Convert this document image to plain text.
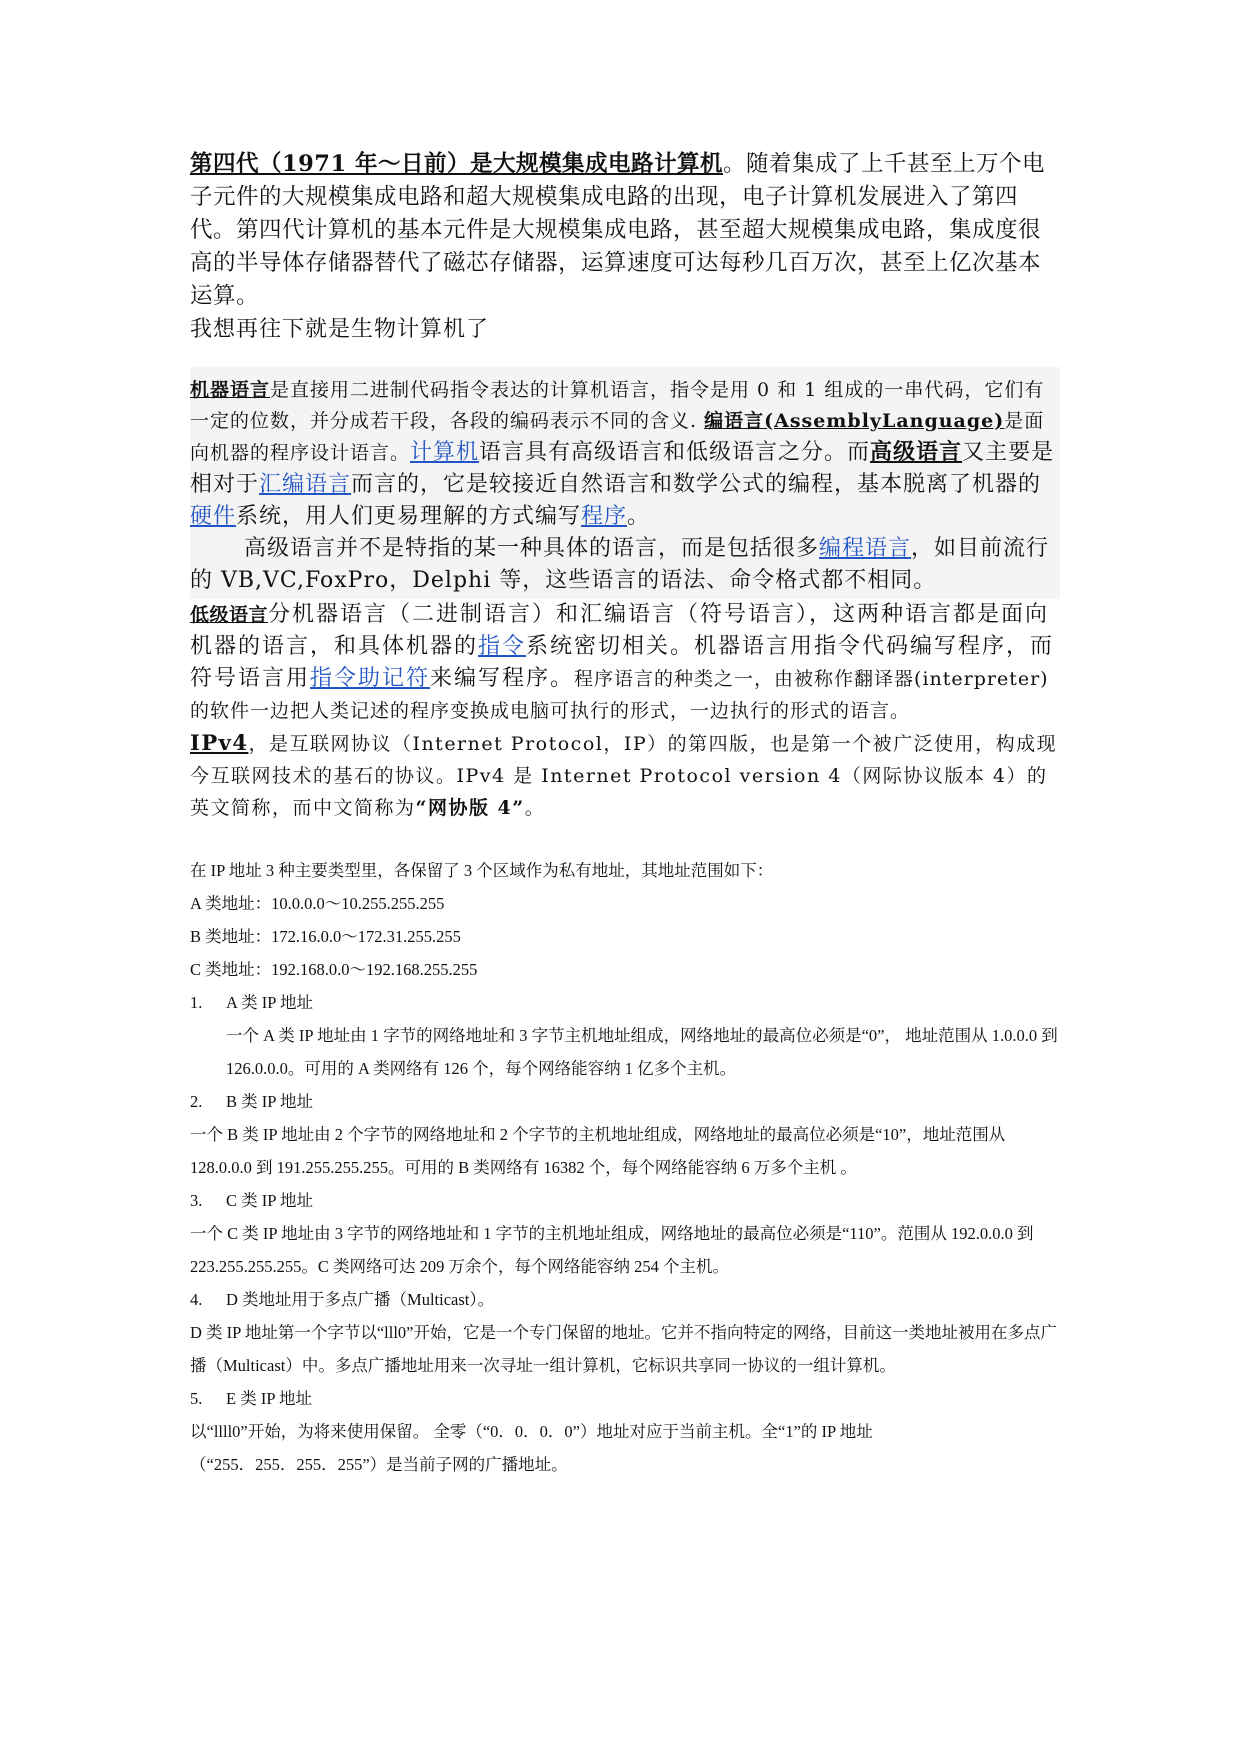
第四代（1971 年～日前）是大规模集成电路计算机。随着集成了上千甚至上万个电子元件的大规模集成电路和超大规模集成电路的出现，电子计算机发展进入了第四代。第四代计算机的基本元件是大规模集成电路，甚至超大规模集成电路，集成度很高的半导体存储器替代了磁芯存储器，运算速度可达每秒几百万次，甚至上亿次基本运算。

我想再往下就是生物计算机了

机器语言是直接用二进制代码指令表达的计算机语言，指令是用 0 和 1 组成的一串代码，它们有一定的位数，并分成若干段，各段的编码表示不同的含义. 编语言(AssemblyLanguage)是面向机器的程序设计语言。计算机语言具有高级语言和低级语言之分。而高级语言又主要是相对于汇编语言而言的，它是较接近自然语言和数学公式的编程，基本脱离了机器的硬件系统，用人们更易理解的方式编写程序。

高级语言并不是特指的某一种具体的语言，而是包括很多编程语言，如目前流行的 VB,VC,FoxPro，Delphi 等，这些语言的语法、命令格式都不相同。

低级语言分机器语言（二进制语言）和汇编语言（符号语言），这两种语言都是面向机器的语言，和具体机器的指令系统密切相关。机器语言用指令代码编写程序，而符号语言用指令助记符来编写程序。程序语言的种类之一，由被称作翻译器(interpreter)的软件一边把人类记述的程序变换成电脑可执行的形式，一边执行的形式的语言。

IPv4，是互联网协议（Internet Protocol，IP）的第四版，也是第一个被广泛使用，构成现今互联网技术的基石的协议。IPv4 是 Internet Protocol version 4（网际协议版本 4）的英文简称，而中文简称为“网协版 4”。

在 IP 地址 3 种主要类型里，各保留了 3 个区域作为私有地址，其地址范围如下：

A 类地址：10.0.0.0～10.255.255.255

B 类地址：172.16.0.0～172.31.255.255

C 类地址：192.168.0.0～192.168.255.255

1.	A 类 IP 地址

一个 A 类 IP 地址由 1 字节的网络地址和 3 字节主机地址组成，网络地址的最高位必须是“0”， 地址范围从 1.0.0.0 到 126.0.0.0。可用的 A 类网络有 126 个，每个网络能容纳 1 亿多个主机。

2.	B 类 IP 地址

一个 B 类 IP 地址由 2 个字节的网络地址和 2 个字节的主机地址组成，网络地址的最高位必须是“10”，地址范围从 128.0.0.0 到 191.255.255.255。可用的 B 类网络有 16382 个，每个网络能容纳 6 万多个主机 。

3.	C 类 IP 地址

一个 C 类 IP 地址由 3 字节的网络地址和 1 字节的主机地址组成，网络地址的最高位必须是“110”。范围从 192.0.0.0 到 223.255.255.255。C 类网络可达 209 万余个，每个网络能容纳 254 个主机。

4.	D 类地址用于多点广播（Multicast）。

D 类 IP 地址第一个字节以“lll0”开始，它是一个专门保留的地址。它并不指向特定的网络，目前这一类地址被用在多点广播（Multicast）中。多点广播地址用来一次寻址一组计算机，它标识共享同一协议的一组计算机。

5.	E 类 IP 地址

以“llll0”开始，为将来使用保留。 全零（“0．0．0．0”）地址对应于当前主机。全“1”的 IP 地址

（“255．255．255．255”）是当前子网的广播地址。
